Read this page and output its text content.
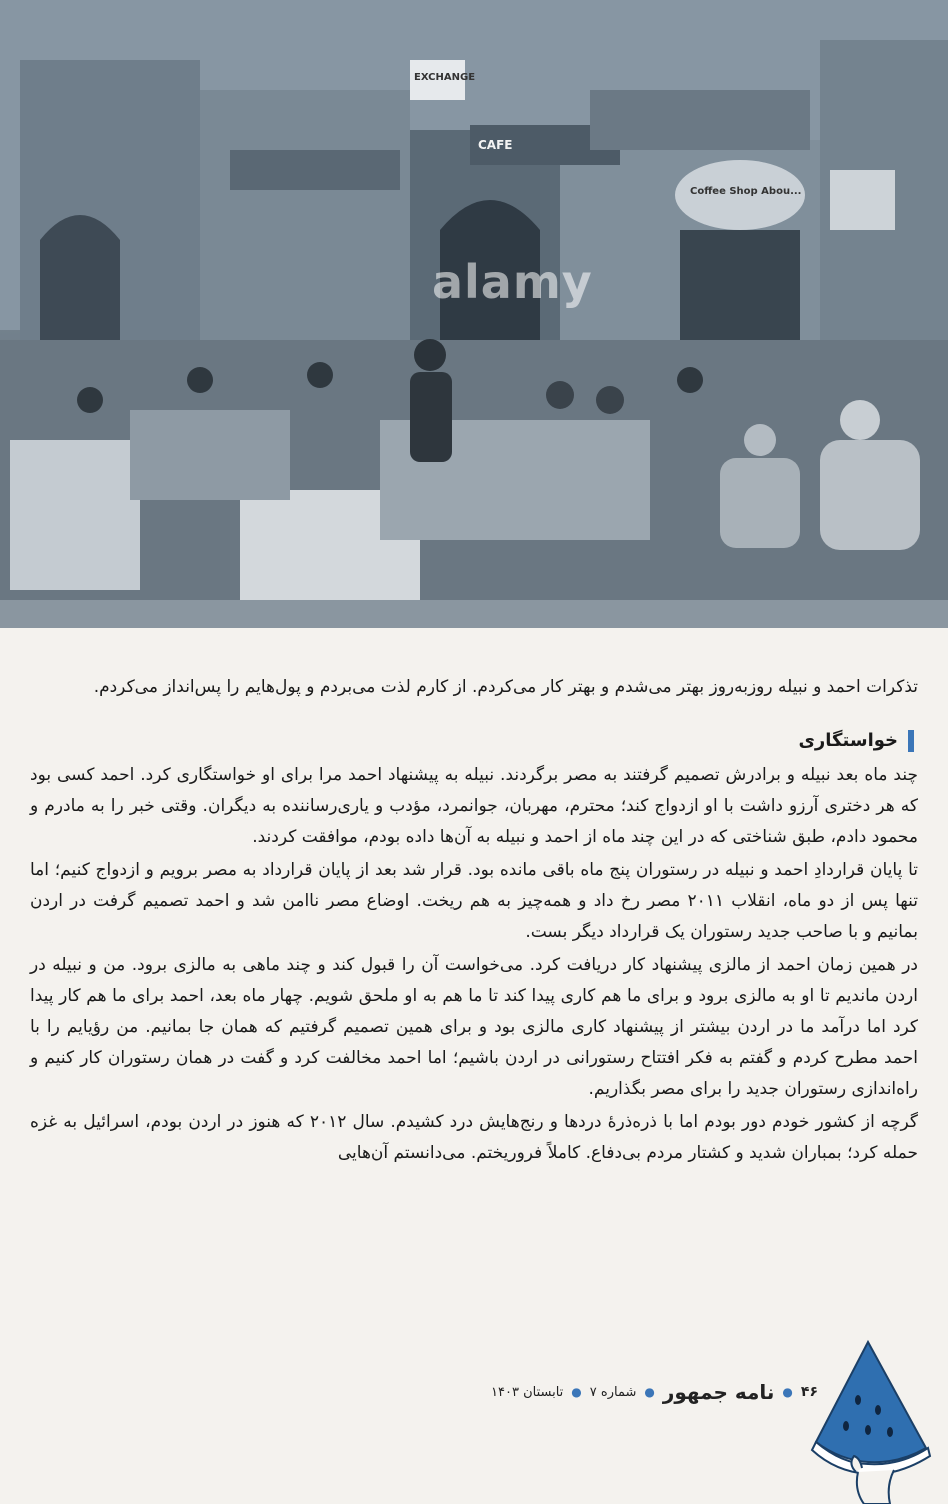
alamy
EXCHANGE
CAFE
Coffee Shop Abou...

تذکرات احمد و نبیله روزبه‌روز بهتر می‌شدم و بهتر کار می‌کردم. از کارم لذت می‌بردم و پول‌هایم را پس‌انداز می‌کردم.

خواستگاری

چند ماه بعد نبیله و برادرش تصمیم گرفتند به مصر برگردند. نبیله به پیشنهاد احمد مرا برای او خواستگاری کرد. احمد کسی بود که هر دختری آرزو داشت با او ازدواج کند؛ محترم، مهربان، جوانمرد، مؤدب و یاری‌رساننده به دیگران. وقتی خبر را به مادرم و محمود دادم، طبق شناختی که در این چند ماه از احمد و نبیله به آن‌ها داده بودم، موافقت کردند.

تا پایان قراردادِ احمد و نبیله در رستوران پنج ماه باقی مانده بود. قرار شد بعد از پایان قرارداد به مصر برویم و ازدواج کنیم؛ اما تنها پس از دو ماه، انقلاب ۲۰۱۱ مصر رخ داد و همه‌چیز به هم ریخت. اوضاع مصر ناامن شد و احمد تصمیم گرفت در اردن بمانیم و با صاحب جدید رستوران یک قرارداد دیگر بست.

در همین زمان احمد از مالزی پیشنهاد کار دریافت کرد. می‌خواست آن را قبول کند و چند ماهی به مالزی برود. من و نبیله در اردن ماندیم تا او به مالزی برود و برای ما هم کاری پیدا کند تا ما هم به او ملحق شویم. چهار ماه بعد، احمد برای ما هم کار پیدا کرد اما درآمد ما در اردن بیشتر از پیشنهاد کاری مالزی بود و برای همین تصمیم گرفتیم که همان جا بمانیم. من رؤیایم را با احمد مطرح کردم و گفتم به فکر افتتاح رستورانی در اردن باشیم؛ اما احمد مخالفت کرد و گفت در همان رستوران کار کنیم و راه‌اندازی رستوران جدید را برای مصر بگذاریم.

گرچه از کشور خودم دور بودم اما با ذره‌ذره‌ٔ دردها و رنج‌هایش درد کشیدم. سال ۲۰۱۲ که هنوز در اردن بودم، اسرائیل به غزه حمله کرد؛ بمباران شدید و کشتار مردم بی‌دفاع. کاملاً فروریختم. می‌دانستم آن‌هایی

۴۶
●
نامه جمهور
●
شماره ۷
●
تابستان ۱۴۰۳
